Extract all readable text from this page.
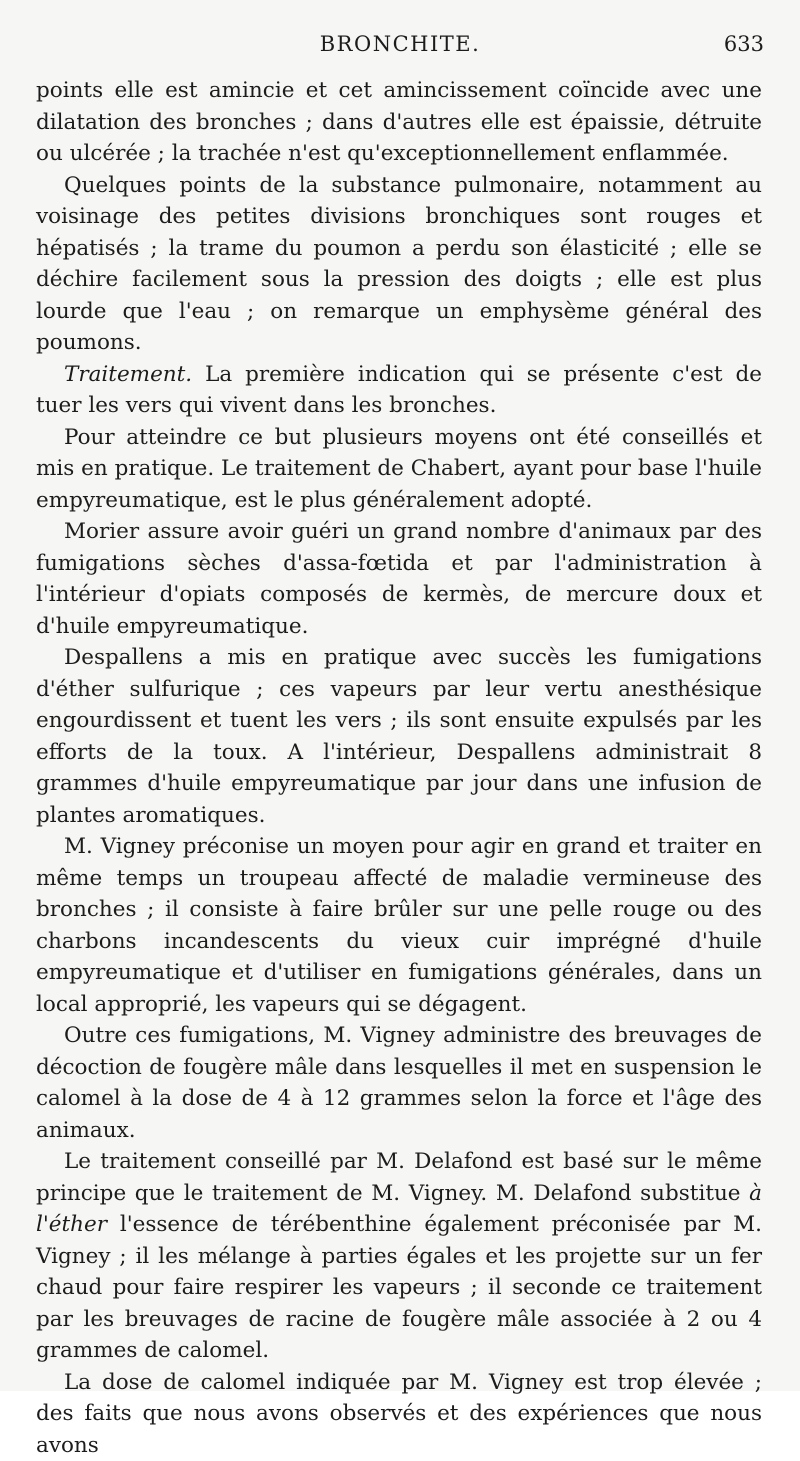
BRONCHITE.	633

points elle est amincie et cet amincissement coïncide avec une dilatation des bronches ; dans d'autres elle est épaissie, détruite ou ulcérée ; la trachée n'est qu'exceptionnellement enflammée.

Quelques points de la substance pulmonaire, notamment au voisinage des petites divisions bronchiques sont rouges et hépatisés ; la trame du poumon a perdu son élasticité ; elle se déchire facilement sous la pression des doigts ; elle est plus lourde que l'eau ; on remarque un emphysème général des poumons.

Traitement. La première indication qui se présente c'est de tuer les vers qui vivent dans les bronches.

Pour atteindre ce but plusieurs moyens ont été conseillés et mis en pratique. Le traitement de Chabert, ayant pour base l'huile empyreumatique, est le plus généralement adopté.

Morier assure avoir guéri un grand nombre d'animaux par des fumigations sèches d'assa-fœtida et par l'administration à l'intérieur d'opiats composés de kermès, de mercure doux et d'huile empyreumatique.

Despallens a mis en pratique avec succès les fumigations d'éther sulfurique ; ces vapeurs par leur vertu anesthésique engourdissent et tuent les vers ; ils sont ensuite expulsés par les efforts de la toux. A l'intérieur, Despallens administrait 8 grammes d'huile empyreumatique par jour dans une infusion de plantes aromatiques.

M. Vigney préconise un moyen pour agir en grand et traiter en même temps un troupeau affecté de maladie vermineuse des bronches ; il consiste à faire brûler sur une pelle rouge ou des charbons incandescents du vieux cuir imprégné d'huile empyreumatique et d'utiliser en fumigations générales, dans un local approprié, les vapeurs qui se dégagent.

Outre ces fumigations, M. Vigney administre des breuvages de décoction de fougère mâle dans lesquelles il met en suspension le calomel à la dose de 4 à 12 grammes selon la force et l'âge des animaux.

Le traitement conseillé par M. Delafond est basé sur le même principe que le traitement de M. Vigney. M. Delafond substitue à l'éther l'essence de térébenthine également préconisée par M. Vigney ; il les mélange à parties égales et les projette sur un fer chaud pour faire respirer les vapeurs ; il seconde ce traitement par les breuvages de racine de fougère mâle associée à 2 ou 4 grammes de calomel.

La dose de calomel indiquée par M. Vigney est trop élevée ; des faits que nous avons observés et des expériences que nous avons
